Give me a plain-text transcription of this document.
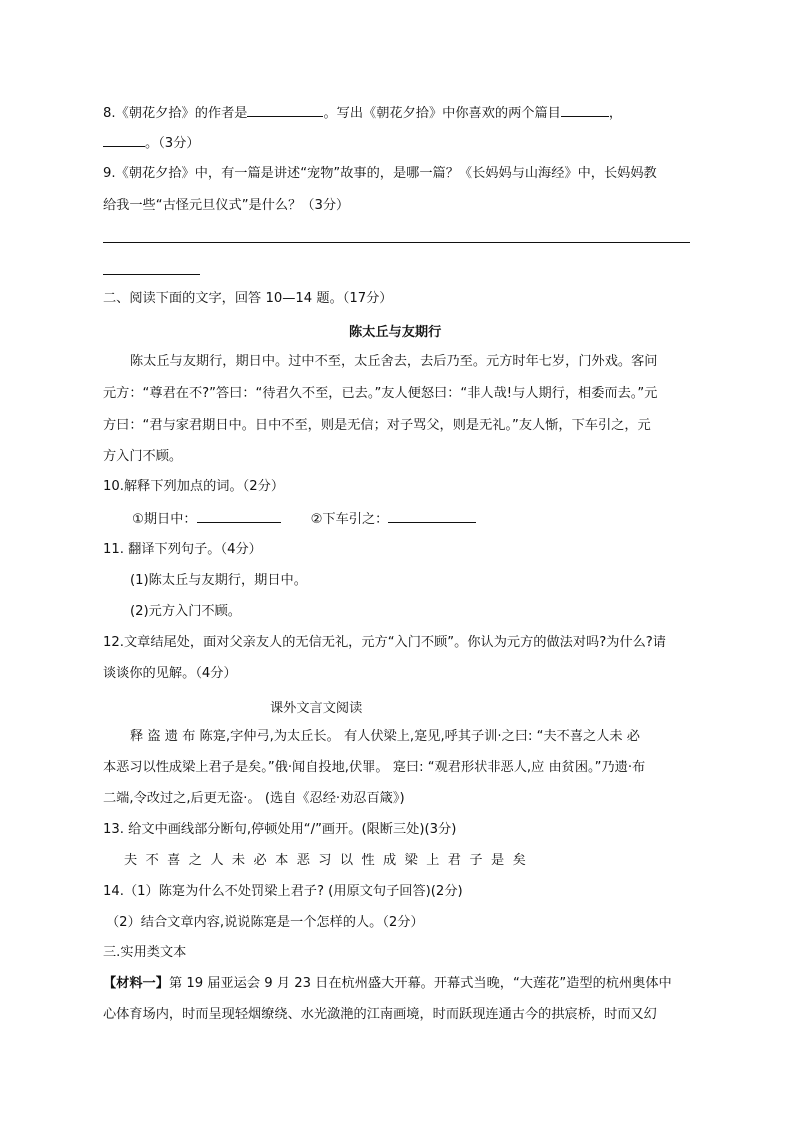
8.《朝花夕拾》的作者是	。写出《朝花夕拾》中你喜欢的两个篇目	，
。（3分）
9.《朝花夕拾》中，有一篇是讲述“宠物”故事的，是哪一篇？《长妈妈与山海经》中，长妈妈教
给我一些“古怪元旦仪式”是什么？（3分）
二、阅读下面的文字，回答 10—14 题。（17分）
陈太丘与友期行
陈太丘与友期行，期日中。过中不至，太丘舍去，去后乃至。元方时年七岁，门外戏。客问
元方：“尊君在不?”答曰：“待君久不至，已去。”友人便怒曰：“非人哉!与人期行，相委而去。”元
方曰：“君与家君期日中。日中不至，则是无信；对子骂父，则是无礼。”友人惭，下车引之，元
方入门不顾。
10.解释下列加点的词。（2分）
①期日中：	②下车引之：
11. 翻译下列句子。（4分）
(1)陈太丘与友期行，期日中。
(2)元方入门不顾。
12.文章结尾处，面对父亲友人的无信无礼，元方“入门不顾”。你认为元方的做法对吗?为什么?请
谈谈你的见解。（4分）
课外文言文阅读
释 盗 遗 布 陈寔,字仲弓,为太丘长。 有人伏梁上,寔见,呼其子训·之曰: “夫不喜之人未 必
本恶习以性成梁上君子是矣。”俄·闻自投地,伏罪。 寔曰: “观君形状非恶人,应 由贫困。”乃遗·布
二端,令改过之,后更无盗·。 (选自《忍经·劝忍百箴》)
13. 给文中画线部分断句,停顿处用“/”画开。(限断三处)(3分)
夫不喜之人未必本恶习以性成梁上君子是矣
14.（1）陈寔为什么不处罚梁上君子? (用原文句子回答)(2分)
（2）结合文章内容,说说陈寔是一个怎样的人。（2分）
三.实用类文本
【材料一】第 19 届亚运会 9 月 23 日在杭州盛大开幕。开幕式当晚，“大莲花”造型的杭州奥体中
心体育场内，时而呈现轻烟缭绕、水光潋滟的江南画境，时而跃现连通古今的拱宸桥，时而又幻
